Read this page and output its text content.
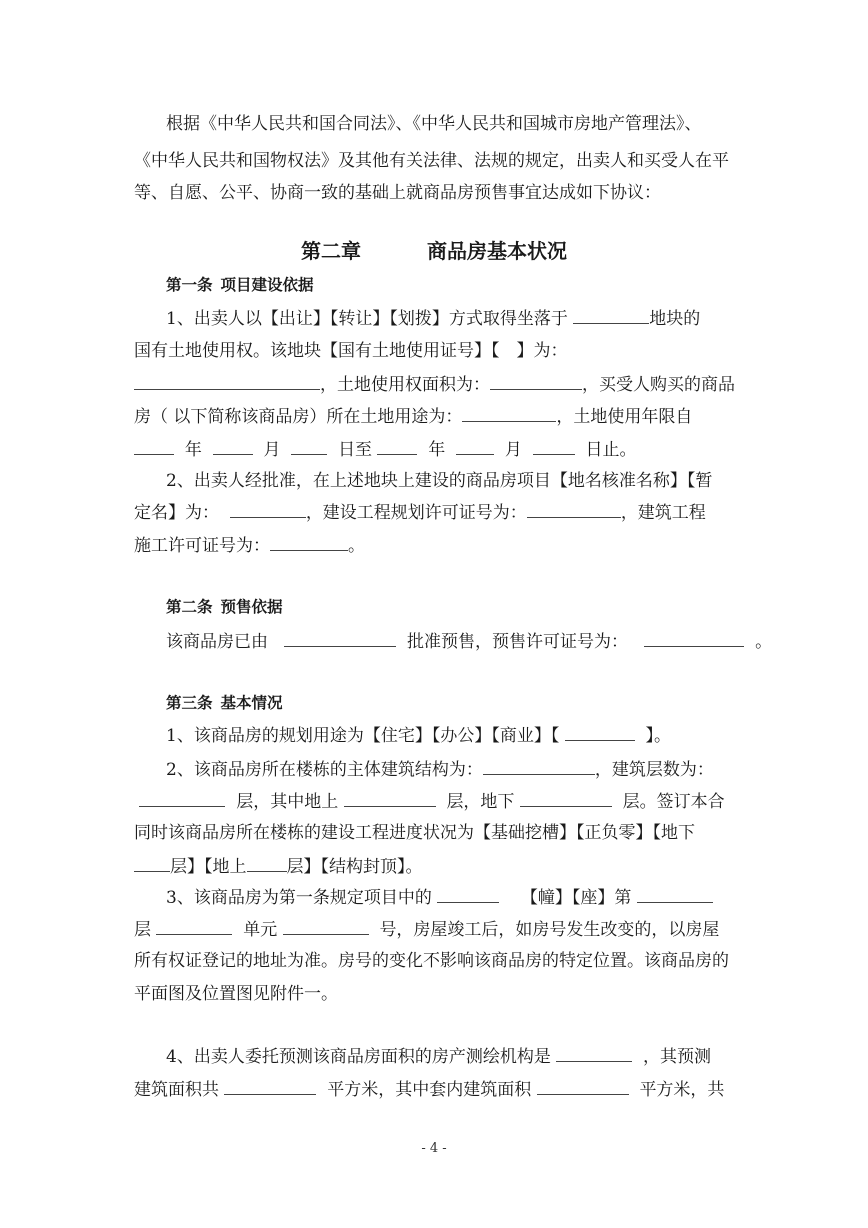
根据《中华人民共和国合同法》、《中华人民共和国城市房地产管理法》、
《中华人民共和国物权法》及其他有关法律、法规的规定，出卖人和买受人在平
等、自愿、公平、协商一致的基础上就商品房预售事宜达成如下协议：
第二章	商品房基本状况
第一条 项目建设依据
1、出卖人以【出让】【转让】【划拨】方式取得坐落于	地块的
国有土地使用权。该地块【国有土地使用证号】【　】为：
，土地使用权面积为：	，买受人购买的商品
房（ 以下简称该商品房）所在土地用途为：	，土地使用年限自
年	月	日至	年	月	日止。
2、出卖人经批准，在上述地块上建设的商品房项目【地名核准名称】【暂
定名】为：	，建设工程规划许可证号为：	，建筑工程
施工许可证号为：	。
第二条 预售依据
该商品房已由	批准预售，预售许可证号为：	。
第三条 基本情况
1、该商品房的规划用途为【住宅】【办公】【商业】【	】。
2、该商品房所在楼栋的主体建筑结构为：	，建筑层数为：
层，其中地上	层，地下	层。签订本合
同时该商品房所在楼栋的建设工程进度状况为【基础挖槽】【正负零】【地下
层】【地上 层】【结构封顶】。
3、该商品房为第一条规定项目中的	【幢】【座】第
层	单元	号，房屋竣工后，如房号发生改变的，以房屋
所有权证登记的地址为准。房号的变化不影响该商品房的特定位置。该商品房的
平面图及位置图见附件一。
4、出卖人委托预测该商品房面积的房产测绘机构是	，其预测
建筑面积共	平方米，其中套内建筑面积	平方米，共
- 4 -
